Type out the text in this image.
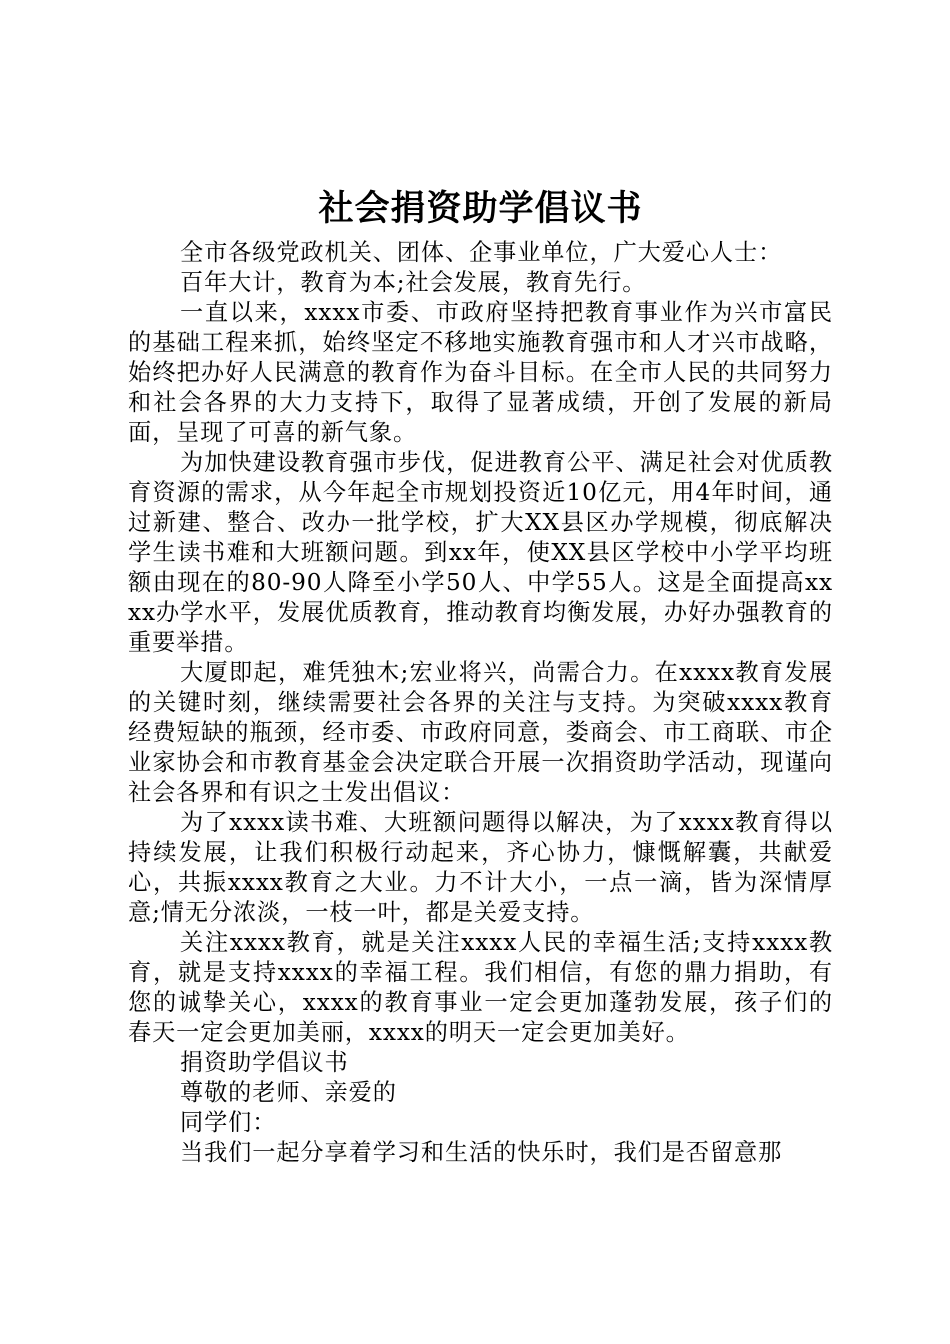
社会捐资助学倡议书

全市各级党政机关、团体、企事业单位，广大爱心人士：

百年大计，教育为本;社会发展，教育先行。

一直以来，xxxx市委、市政府坚持把教育事业作为兴市富民的基础工程来抓，始终坚定不移地实施教育强市和人才兴市战略，始终把办好人民满意的教育作为奋斗目标。在全市人民的共同努力和社会各界的大力支持下，取得了显著成绩，开创了发展的新局面，呈现了可喜的新气象。

为加快建设教育强市步伐，促进教育公平、满足社会对优质教育资源的需求，从今年起全市规划投资近10亿元，用4年时间，通过新建、整合、改办一批学校，扩大XX县区办学规模，彻底解决学生读书难和大班额问题。到xx年，使XX县区学校中小学平均班额由现在的80-90人降至小学50人、中学55人。这是全面提高xxxx办学水平，发展优质教育，推动教育均衡发展，办好办强教育的重要举措。

大厦即起，难凭独木;宏业将兴，尚需合力。在xxxx教育发展的关键时刻，继续需要社会各界的关注与支持。为突破xxxx教育经费短缺的瓶颈，经市委、市政府同意，娄商会、市工商联、市企业家协会和市教育基金会决定联合开展一次捐资助学活动，现谨向社会各界和有识之士发出倡议：

为了xxxx读书难、大班额问题得以解决，为了xxxx教育得以持续发展，让我们积极行动起来，齐心协力，慷慨解囊，共献爱心，共振xxxx教育之大业。力不计大小，一点一滴，皆为深情厚意;情无分浓淡，一枝一叶，都是关爱支持。

关注xxxx教育，就是关注xxxx人民的幸福生活;支持xxxx教育，就是支持xxxx的幸福工程。我们相信，有您的鼎力捐助，有您的诚挚关心，xxxx的教育事业一定会更加蓬勃发展，孩子们的春天一定会更加美丽，xxxx的明天一定会更加美好。

捐资助学倡议书

尊敬的老师、亲爱的

同学们：

当我们一起分享着学习和生活的快乐时，我们是否留意那
